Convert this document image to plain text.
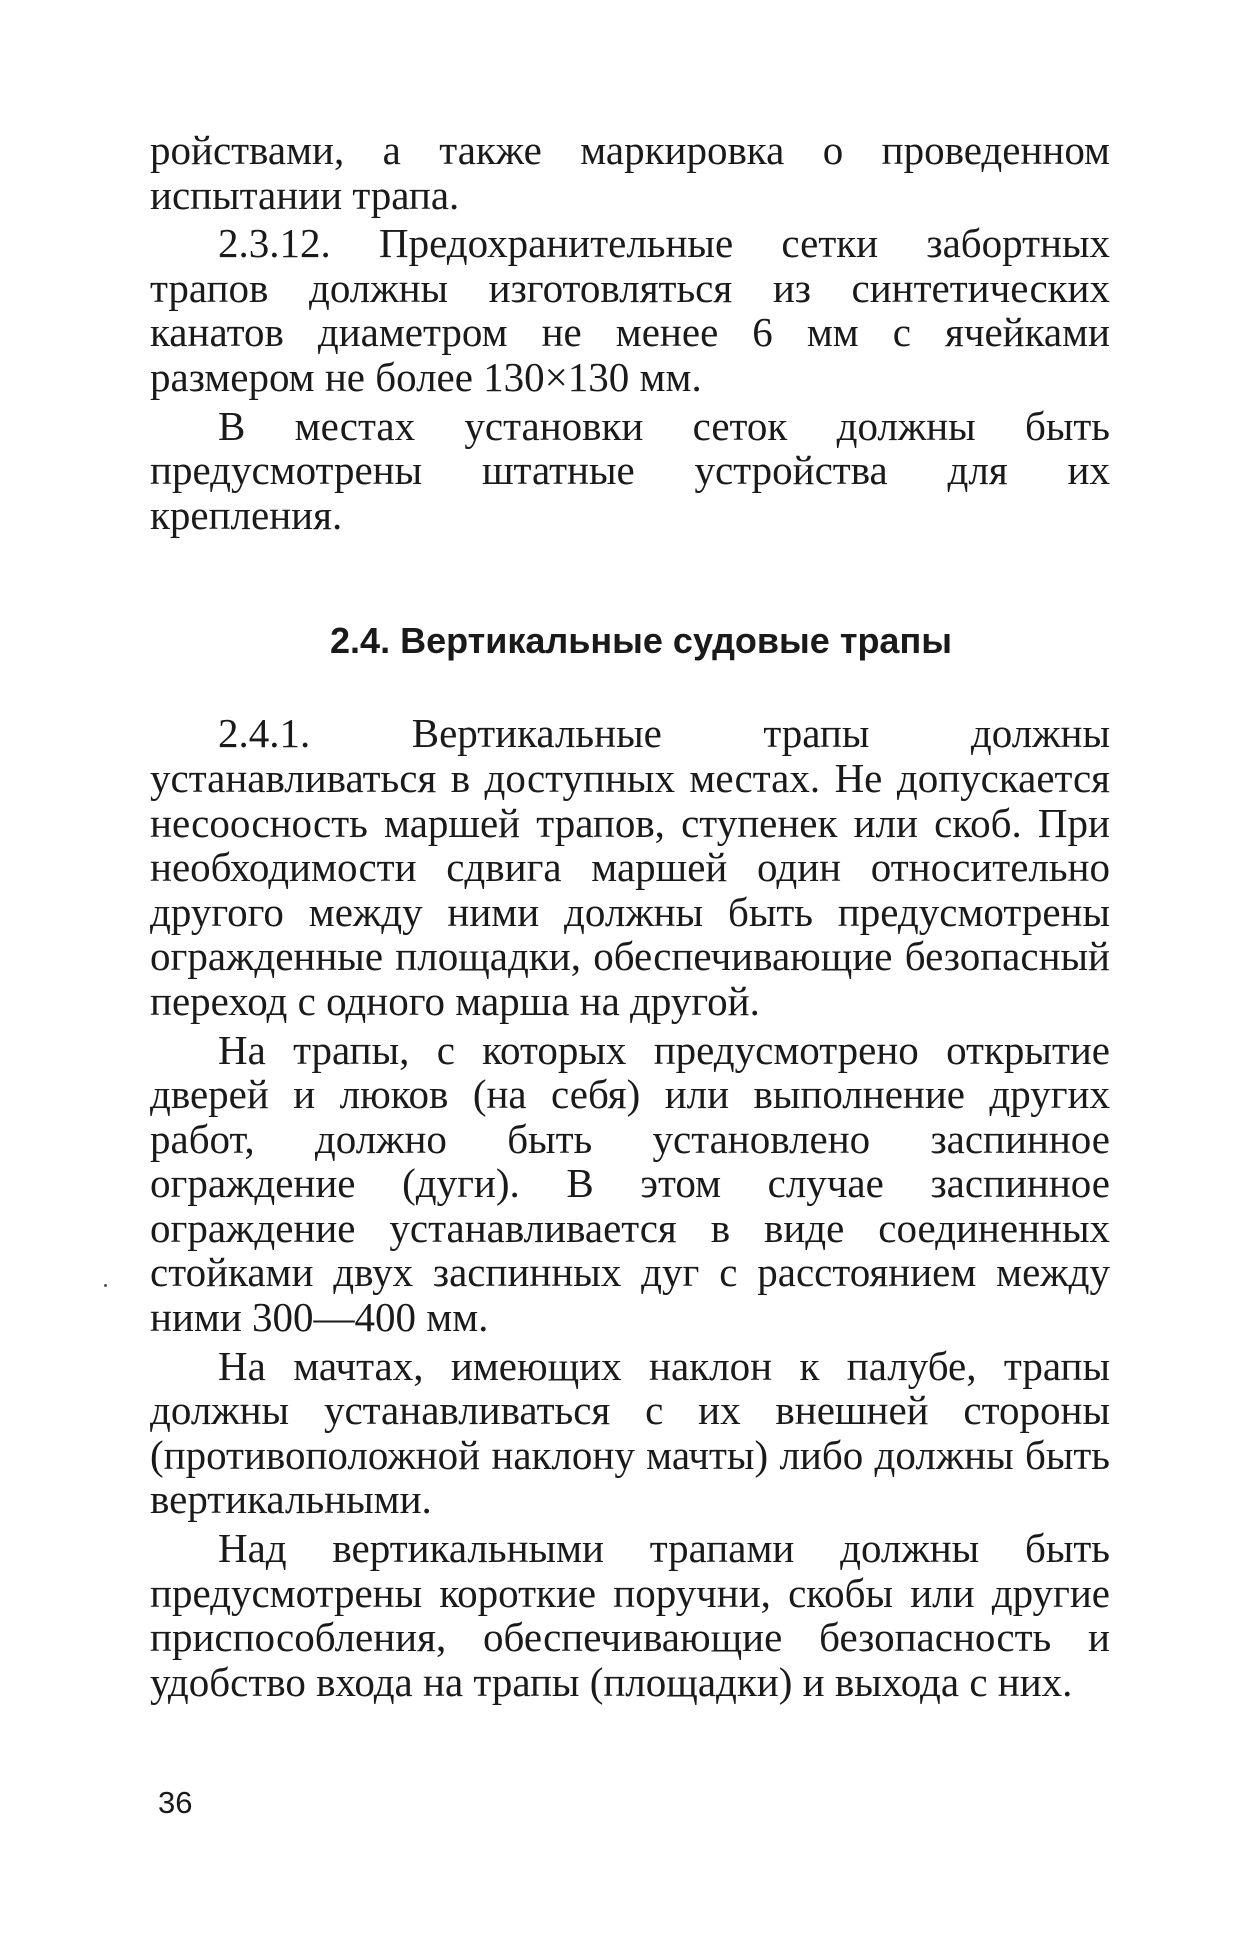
ройствами, а также маркировка о проведенном испытании трапа.

2.3.12. Предохранительные сетки забортных трапов должны изготовляться из синтетических канатов диаметром не менее 6 мм с ячейками размером не более 130×130 мм.

В местах установки сеток должны быть предусмотрены штатные устройства для их крепления.

2.4. Вертикальные судовые трапы

2.4.1. Вертикальные трапы должны устанавливаться в доступных местах. Не допускается несоосность маршей трапов, ступенек или скоб. При необходимости сдвига маршей один относительно другого между ними должны быть предусмотрены огражденные площадки, обеспечивающие безопасный переход с одного марша на другой.

На трапы, с которых предусмотрено открытие дверей и люков (на себя) или выполнение других работ, должно быть установлено заспинное ограждение (дуги). В этом случае заспинное ограждение устанавливается в виде соединенных стойками двух заспинных дуг с расстоянием между ними 300—400 мм.

На мачтах, имеющих наклон к палубе, трапы должны устанавливаться с их внешней стороны (противоположной наклону мачты) либо должны быть вертикальными.

Над вертикальными трапами должны быть предусмотрены короткие поручни, скобы или другие приспособления, обеспечивающие безопасность и удобство входа на трапы (площадки) и выхода с них.

36
